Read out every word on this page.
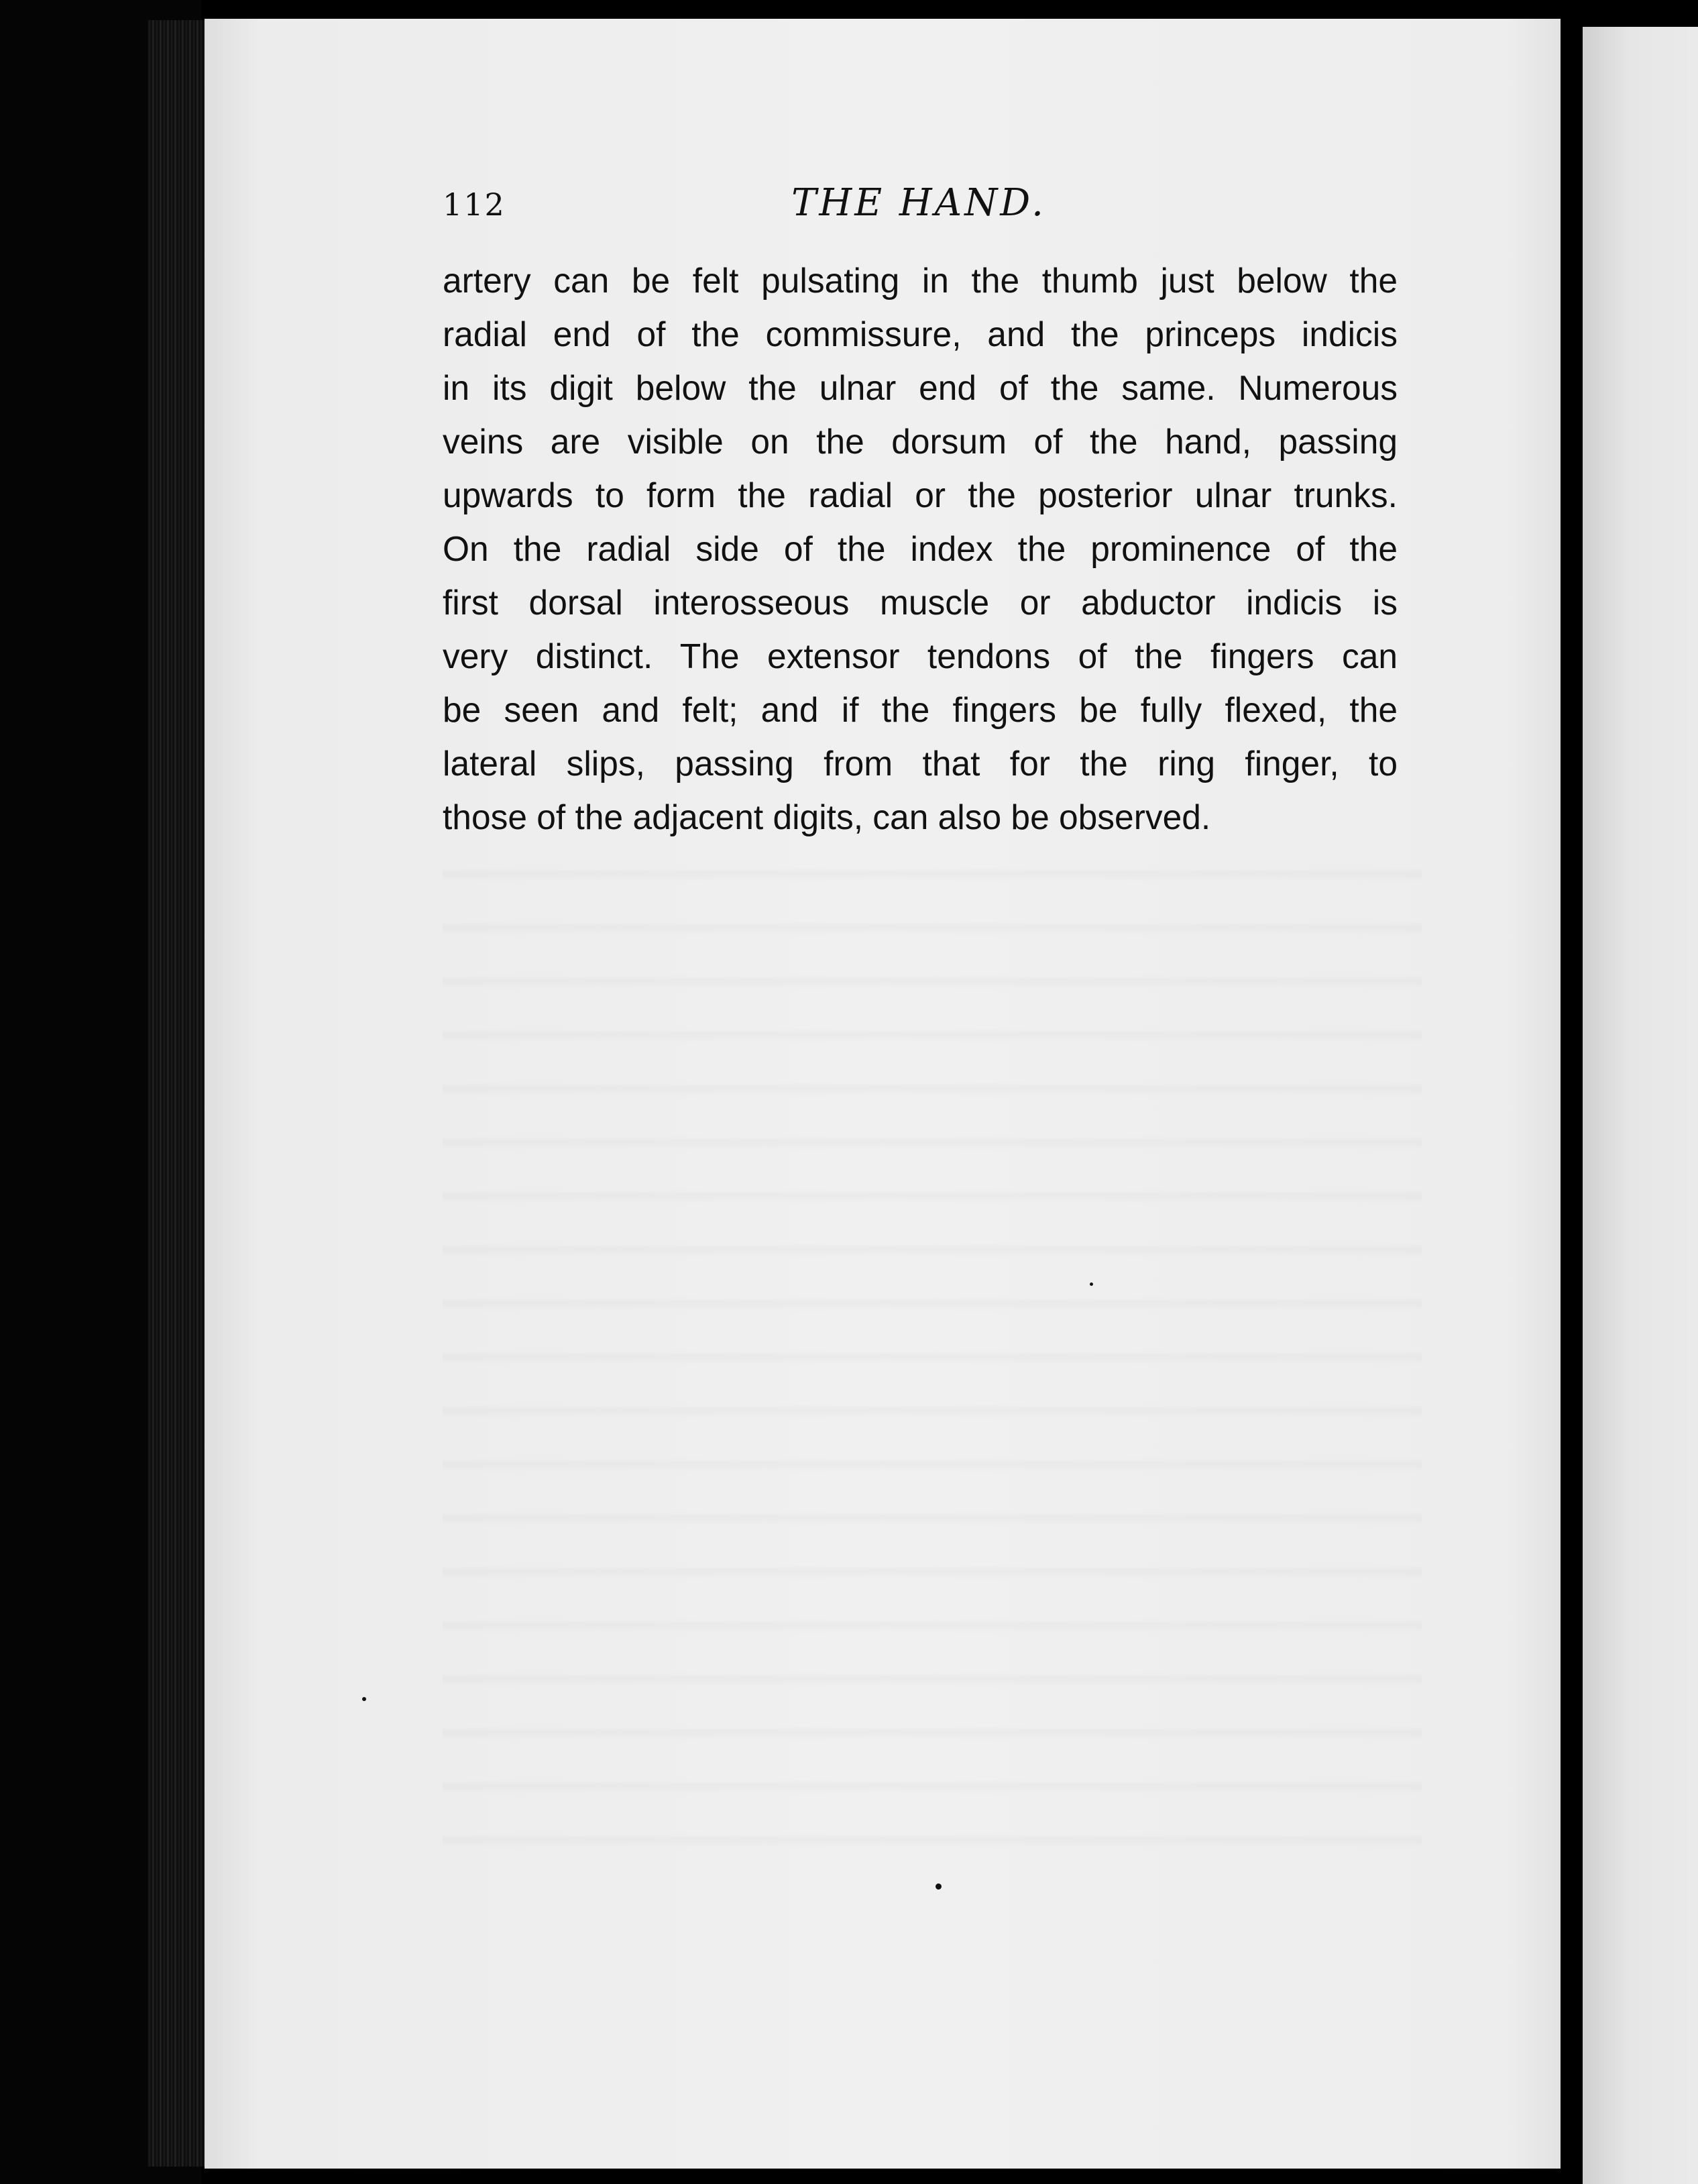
112	THE HAND.
artery can be felt pulsating in the thumb just below the
radial end of the commissure, and the princeps indicis
in its digit below the ulnar end of the same. Numerous
veins are visible on the dorsum of the hand, passing
upwards to form the radial or the posterior ulnar trunks.
On the radial side of the index the prominence of the
first dorsal interosseous muscle or abductor indicis is
very distinct. The extensor tendons of the fingers can
be seen and felt; and if the fingers be fully flexed, the
lateral slips, passing from that for the ring finger, to
those of the adjacent digits, can also be observed.
